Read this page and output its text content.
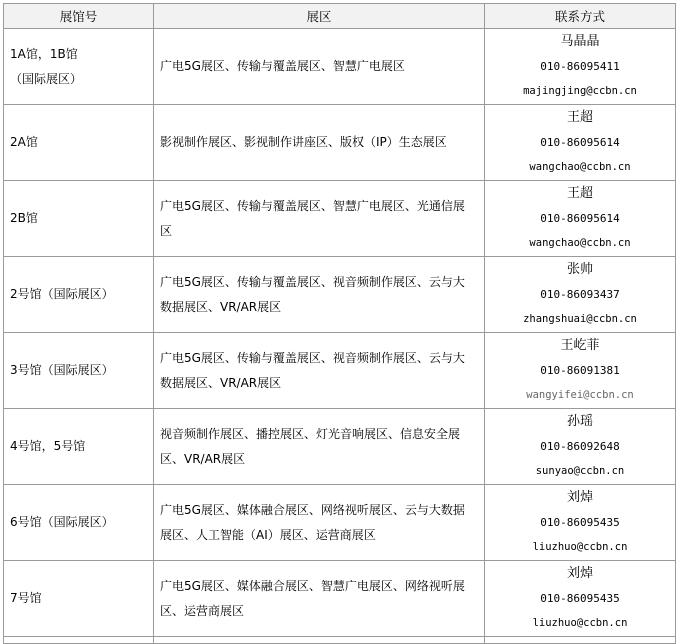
展馆号	展区	联系方式
1A馆，1B馆
（国际展区）	广电5G展区、传输与覆盖展区、智慧广电展区	马晶晶
010-86095411
majingjing@ccbn.cn

2A馆	影视制作展区、影视制作讲座区、版权（IP）生态展区	王超
010-86095614
wangchao@ccbn.cn

2B馆	广电5G展区、传输与覆盖展区、智慧广电展区、光通信展区	王超
010-86095614
wangchao@ccbn.cn

2号馆（国际展区）	广电5G展区、传输与覆盖展区、视音频制作展区、云与大数据展区、VR/AR展区	张帅
010-86093437
zhangshuai@ccbn.cn

3号馆（国际展区）	广电5G展区、传输与覆盖展区、视音频制作展区、云与大数据展区、VR/AR展区	王屹菲
010-86091381
wangyifei@ccbn.cn

4号馆，5号馆	视音频制作展区、播控展区、灯光音响展区、信息安全展区、VR/AR展区	孙瑶
010-86092648
sunyao@ccbn.cn

6号馆（国际展区）	广电5G展区、媒体融合展区、网络视听展区、云与大数据展区、人工智能（AI）展区、运营商展区	刘焯
010-86095435
liuzhuo@ccbn.cn

7号馆	广电5G展区、媒体融合展区、智慧广电展区、网络视听展区、运营商展区	刘焯
010-86095435
liuzhuo@ccbn.cn
